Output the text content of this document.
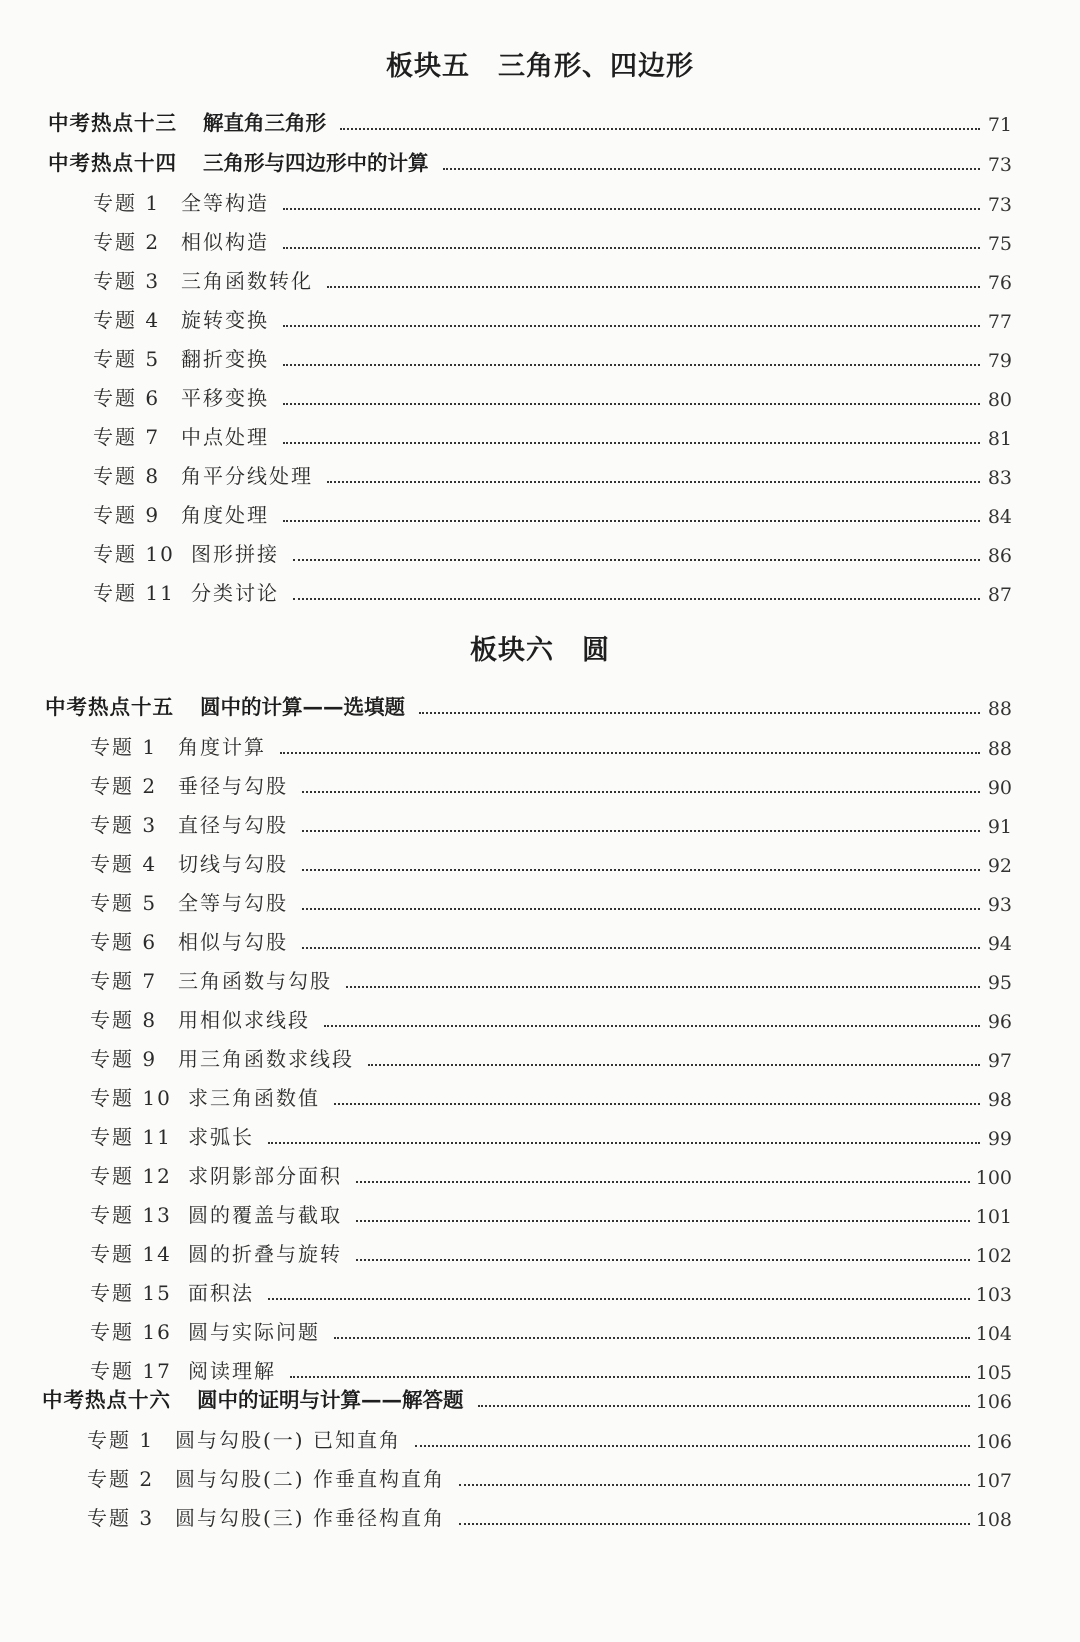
板块五 三角形、四边形
中考热点十三 解直角三角形	71
中考热点十四 三角形与四边形中的计算	73
专题 1	全等构造	73
专题 2	相似构造	75
专题 3	三角函数转化	76
专题 4	旋转变换	77
专题 5	翻折变换	79
专题 6	平移变换	80
专题 7	中点处理	81
专题 8	角平分线处理	83
专题 9	角度处理	84
专题 10 图形拼接	86
专题 11 分类讨论	87
板块六 圆
中考热点十五 圆中的计算——选填题	88
专题 1	角度计算	88
专题 2	垂径与勾股	90
专题 3	直径与勾股	91
专题 4	切线与勾股	92
专题 5	全等与勾股	93
专题 6	相似与勾股	94
专题 7	三角函数与勾股	95
专题 8	用相似求线段	96
专题 9	用三角函数求线段	97
专题 10 求三角函数值	98
专题 11 求弧长	99
专题 12 求阴影部分面积	100
专题 13 圆的覆盖与截取	101
专题 14 圆的折叠与旋转	102
专题 15 面积法	103
专题 16 圆与实际问题	104
专题 17 阅读理解	105
中考热点十六 圆中的证明与计算——解答题	106
专题 1	圆与勾股(一) 已知直角	106
专题 2	圆与勾股(二) 作垂直构直角	107
专题 3	圆与勾股(三) 作垂径构直角	108
